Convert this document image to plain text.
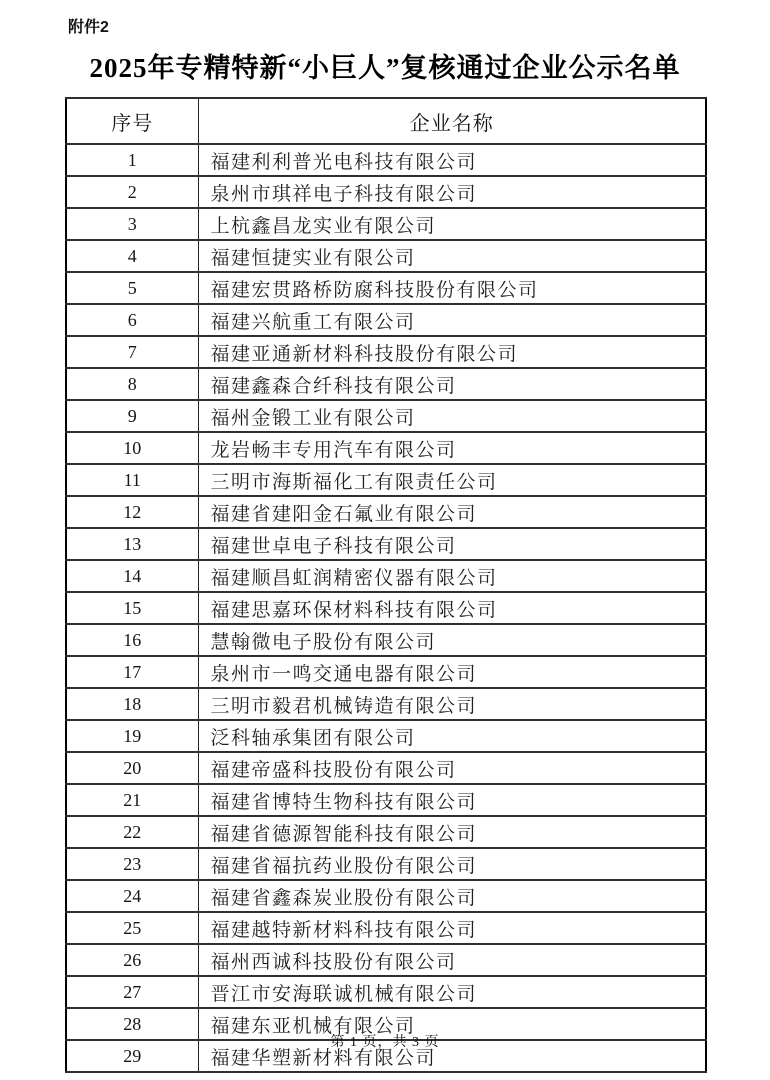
附件2
2025年专精特新“小巨人”复核通过企业公示名单
序号	企业名称
1	福建利利普光电科技有限公司
2	泉州市琪祥电子科技有限公司
3	上杭鑫昌龙实业有限公司
4	福建恒捷实业有限公司
5	福建宏贯路桥防腐科技股份有限公司
6	福建兴航重工有限公司
7	福建亚通新材料科技股份有限公司
8	福建鑫森合纤科技有限公司
9	福州金锻工业有限公司
10	龙岩畅丰专用汽车有限公司
11	三明市海斯福化工有限责任公司
12	福建省建阳金石氟业有限公司
13	福建世卓电子科技有限公司
14	福建顺昌虹润精密仪器有限公司
15	福建思嘉环保材料科技有限公司
16	慧翰微电子股份有限公司
17	泉州市一鸣交通电器有限公司
18	三明市毅君机械铸造有限公司
19	泛科轴承集团有限公司
20	福建帝盛科技股份有限公司
21	福建省博特生物科技有限公司
22	福建省德源智能科技有限公司
23	福建省福抗药业股份有限公司
24	福建省鑫森炭业股份有限公司
25	福建越特新材料科技有限公司
26	福州西诚科技股份有限公司
27	晋江市安海联诚机械有限公司
28	福建东亚机械有限公司
29	福建华塑新材料有限公司
第 1 页，共 3 页
